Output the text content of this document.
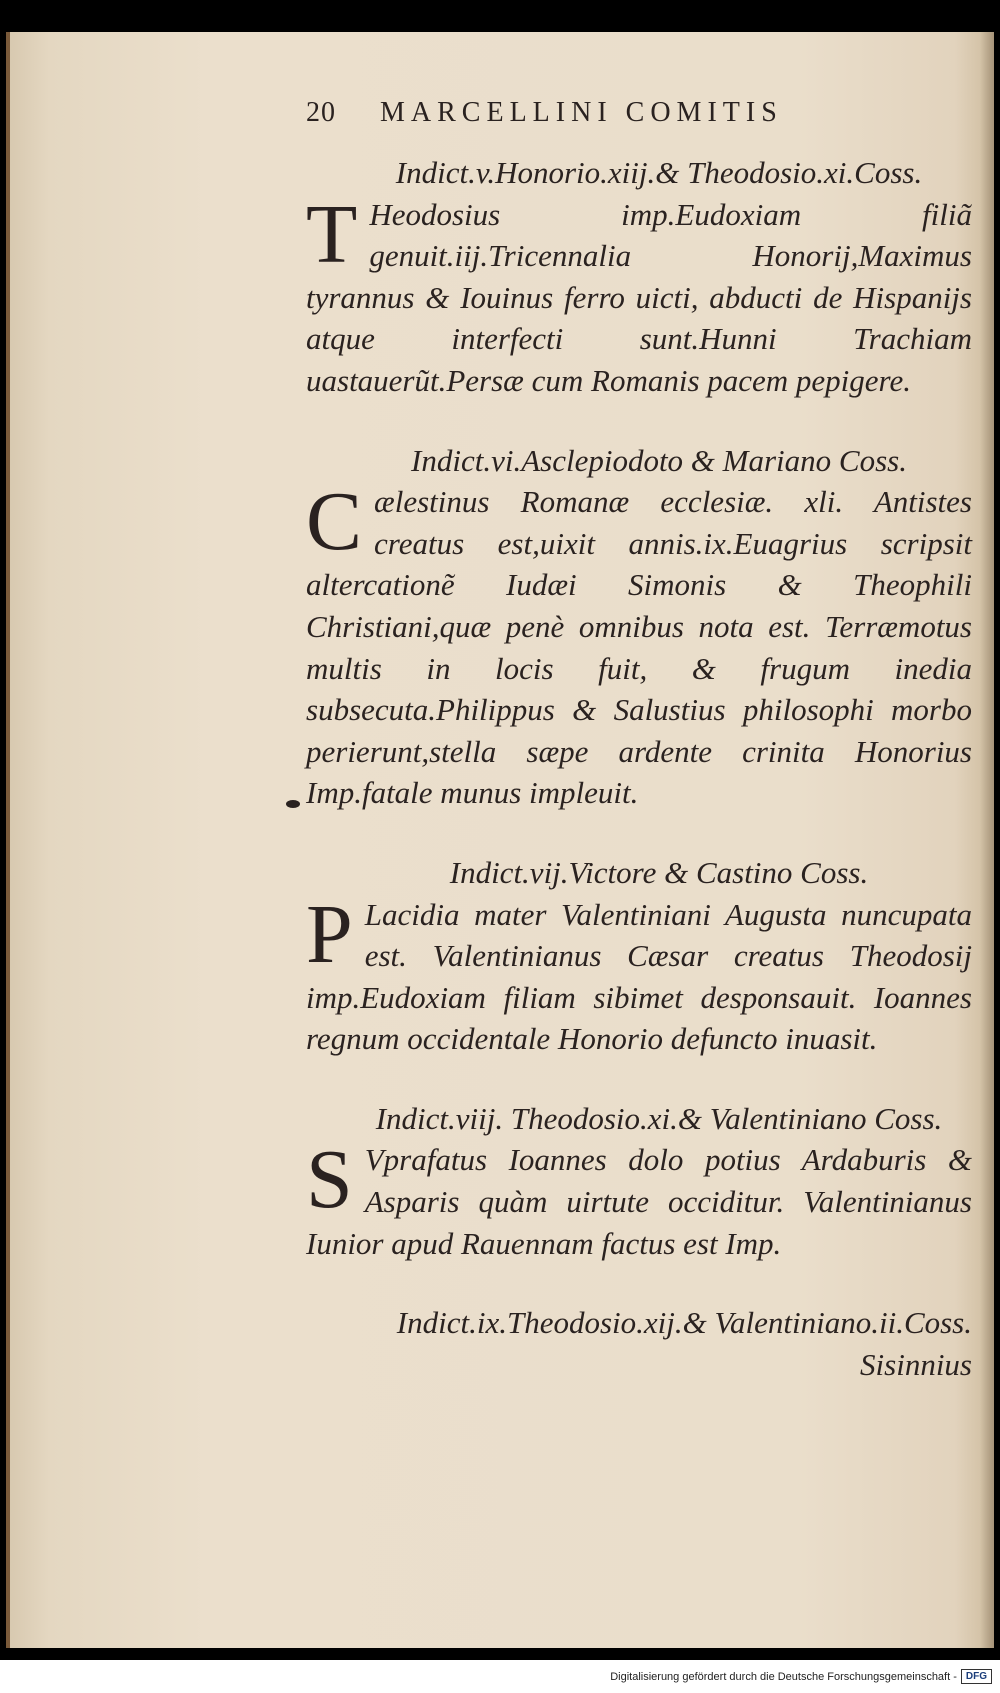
20 MARCELLINI COMITIS
Indict.v.Honorio.xiij.& Theodosio.xi.Coss.
T Heodosius imp.Eudoxiam filiã genuit.iij.Tricennalia Honorij,Maximus tyrannus & Iouinus ferro uicti, abducti de Hispanijs atque interfecti sunt.Hunni Trachiam uastauerũt.Persæ cum Romanis pacem pepigere.
Indict.vi.Asclepiodoto & Mariano Coss.
Cælestinus Romanæ ecclesiæ. xli. Antistes creatus est,uixit annis.ix.Euagrius scripsit altercationẽ Iudæi Simonis & Theophili Christiani,quæ penè omnibus nota est. Terræmotus multis in locis fuit, & frugum inedia subsecuta.Philippus & Salustius philosophi morbo perierunt,stella sæpe ardente crinita Honorius Imp.fatale munus impleuit.
Indict.vij.Victore & Castino Coss.
P Lacidia mater Valentiniani Augusta nuncupata est. Valentinianus Cæsar creatus Theodosij imp.Eudoxiam filiam sibimet desponsauit. Ioannes regnum occidentale Honorio defuncto inuasit.
Indict.viij. Theodosio.xi.& Valentiniano Coss.
S Vprafatus Ioannes dolo potius Ardaburis & Asparis quàm uirtute occiditur. Valentinianus Iunior apud Rauennam factus est Imp.
Indict.ix.Theodosio.xij.& Valentiniano.ii.Coss.
Sisinnius
Digitalisierung gefördert durch die Deutsche Forschungsgemeinschaft - DFG
